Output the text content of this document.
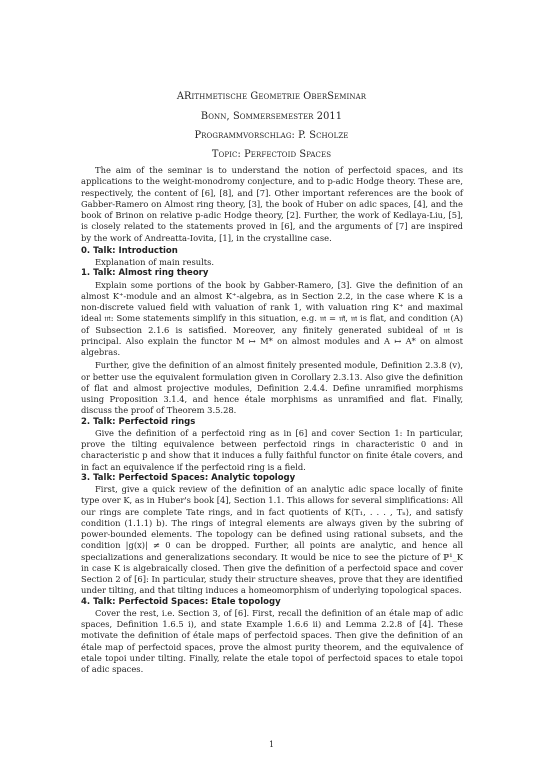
ARithmetische Geometrie OberSeminar
Bonn, Sommersemester 2011
Programmvorschlag: P. Scholze
Topic: Perfectoid Spaces

The aim of the seminar is to understand the notion of perfectoid spaces, and its applications to the weight-monodromy conjecture, and to p-adic Hodge theory. These are, respectively, the content of [6], [8], and [7]. Other important references are the book of Gabber-Ramero on Almost ring theory, [3], the book of Huber on adic spaces, [4], and the book of Brinon on relative p-adic Hodge theory, [2]. Further, the work of Kedlaya-Liu, [5], is closely related to the statements proved in [6], and the arguments of [7] are inspired by the work of Andreatta-Iovita, [1], in the crystalline case.

0. Talk: Introduction

Explanation of main results.

1. Talk: Almost ring theory

Explain some portions of the book by Gabber-Ramero, [3]. Give the definition of an almost K⁺-module and an almost K⁺-algebra, as in Section 2.2, in the case where K is a non-discrete valued field with valuation of rank 1, with valuation ring K⁺ and maximal ideal 𝔪: Some statements simplify in this situation, e.g. 𝔪 = 𝔪̃, 𝔪 is flat, and condition (A) of Subsection 2.1.6 is satisfied. Moreover, any finitely generated subideal of 𝔪 is principal. Also explain the functor M ↦ M* on almost modules and A ↦ A* on almost algebras.

Further, give the definition of an almost finitely presented module, Definition 2.3.8 (v), or better use the equivalent formulation given in Corollary 2.3.13. Also give the definition of flat and almost projective modules, Definition 2.4.4. Define unramified morphisms using Proposition 3.1.4, and hence étale morphisms as unramified and flat. Finally, discuss the proof of Theorem 3.5.28.

2. Talk: Perfectoid rings

Give the definition of a perfectoid ring as in [6] and cover Section 1: In particular, prove the tilting equivalence between perfectoid rings in characteristic 0 and in characteristic p and show that it induces a fully faithful functor on finite étale covers, and in fact an equivalence if the perfectoid ring is a field.

3. Talk: Perfectoid Spaces: Analytic topology

First, give a quick review of the definition of an analytic adic space locally of finite type over K, as in Huber's book [4], Section 1.1. This allows for several simplifications: All our rings are complete Tate rings, and in fact quotients of K⟨T₁, . . . , Tₙ⟩, and satisfy condition (1.1.1) b). The rings of integral elements are always given by the subring of power-bounded elements. The topology can be defined using rational subsets, and the condition |g(x)| ≠ 0 can be dropped. Further, all points are analytic, and hence all specializations and generalizations secondary. It would be nice to see the picture of ℙ¹_K in case K is algebraically closed. Then give the definition of a perfectoid space and cover Section 2 of [6]: In particular, study their structure sheaves, prove that they are identified under tilting, and that tilting induces a homeomorphism of underlying topological spaces.

4. Talk: Perfectoid Spaces: Etale topology

Cover the rest, i.e. Section 3, of [6]. First, recall the definition of an étale map of adic spaces, Definition 1.6.5 i), and state Example 1.6.6 ii) and Lemma 2.2.8 of [4]. These motivate the definition of étale maps of perfectoid spaces. Then give the definition of an étale map of perfectoid spaces, prove the almost purity theorem, and the equivalence of etale topoi under tilting. Finally, relate the etale topoi of perfectoid spaces to etale topoi of adic spaces.

1
